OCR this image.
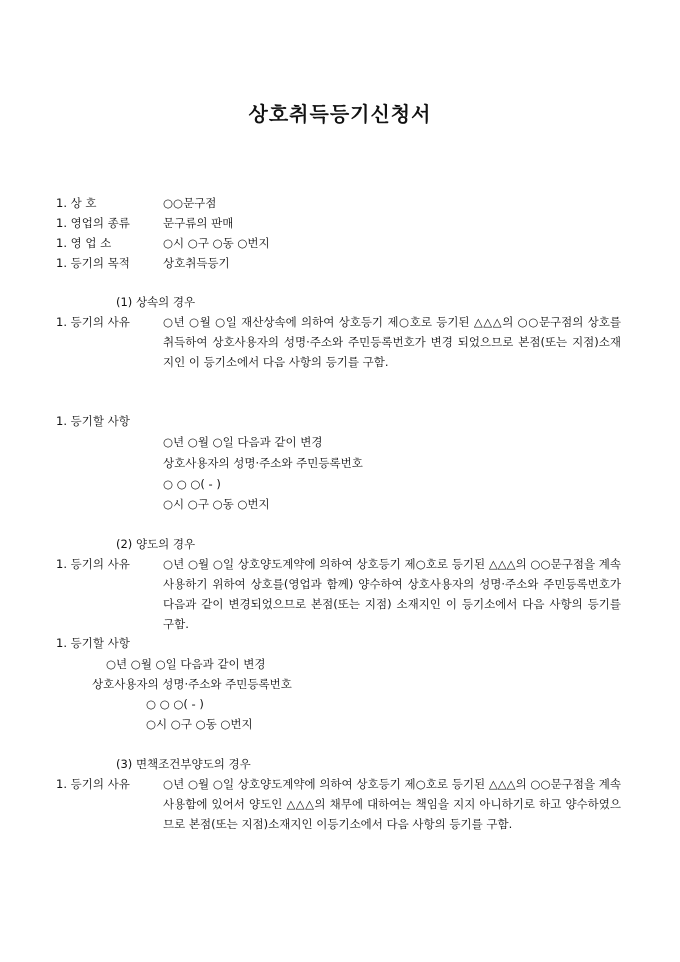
상호취득등기신청서
1. 상 호	○○문구점
1. 영업의 종류	문구류의 판매
1. 영 업 소	○시 ○구 ○동 ○번지
1. 등기의 목적	상호취득등기
(1) 상속의 경우
1. 등기의 사유	○년 ○월 ○일 재산상속에 의하여 상호등기 제○호로 등기된 △△△의 ○○문구점의 상호를 취득하여 상호사용자의 성명·주소와 주민등록번호가 변경 되었으므로 본점(또는 지점)소재지인 이 등기소에서 다음 사항의 등기를 구함.
1. 등기할 사항
○년 ○월 ○일 다음과 같이 변경
상호사용자의 성명·주소와 주민등록번호
○ ○ ○( - )
○시 ○구 ○동 ○번지
(2) 양도의 경우
1. 등기의 사유	○년 ○월 ○일 상호양도계약에 의하여 상호등기 제○호로 등기된 △△△의 ○○문구점을 계속 사용하기 위하여 상호를(영업과 함께) 양수하여 상호사용자의 성명·주소와 주민등록번호가 다음과 같이 변경되었으므로 본점(또는 지점) 소재지인 이 등기소에서 다음 사항의 등기를 구함.
1. 등기할 사항
○년 ○월 ○일 다음과 같이 변경
상호사용자의 성명·주소와 주민등록번호
○ ○ ○( - )
○시 ○구 ○동 ○번지
(3) 면책조건부양도의 경우
1. 등기의 사유	○년 ○월 ○일 상호양도계약에 의하여 상호등기 제○호로 등기된 △△△의 ○○문구점을 계속 사용함에 있어서 양도인 △△△의 채무에 대하여는 책임을 지지 아니하기로 하고 양수하였으므로 본점(또는 지점)소재지인 이등기소에서 다음 사항의 등기를 구함.
